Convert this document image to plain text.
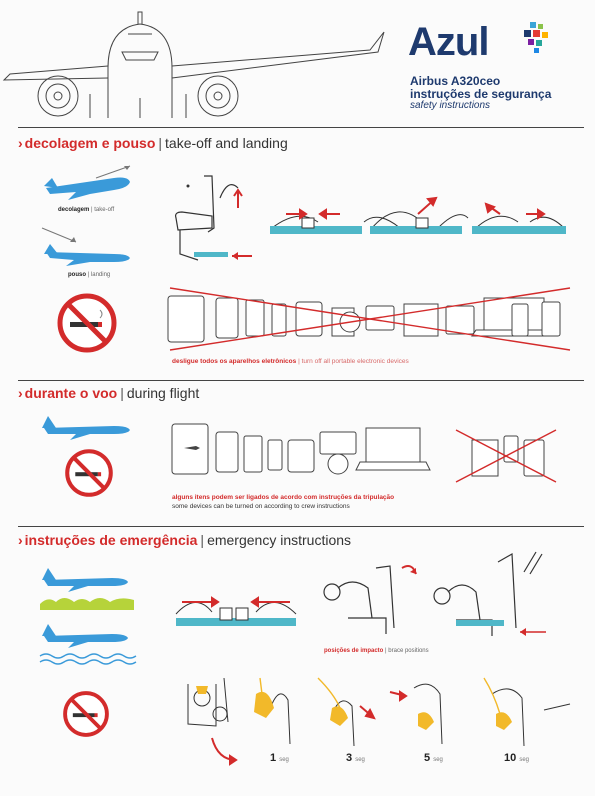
Azul
Airbus A320ceo
instruções de segurança
safety instructions
› decolagem e pouso | take-off and landing
decolagem | take-off
pouso | landing
desligue todos os aparelhos eletrônicos | turn off all portable electronic devices
› durante o voo | during flight
alguns itens podem ser ligados de acordo com instruções da tripulação
some devices can be turned on according to crew instructions
› instruções de emergência | emergency instructions
posições de impacto | brace positions
1 seg	3 seg	5 seg	10 seg
